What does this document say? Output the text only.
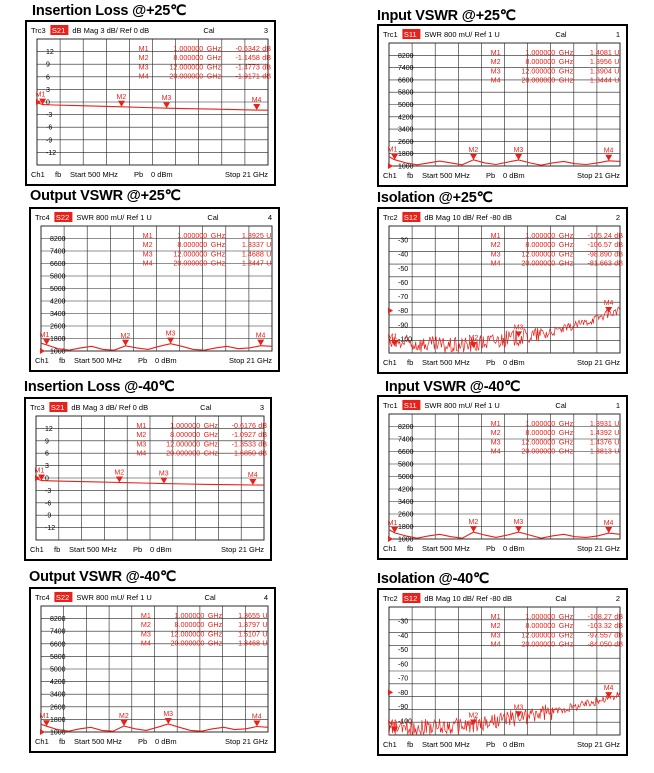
Insertion Loss @+25℃	Input VSWR @+25℃
Output VSWR @+25℃	Isolation @+25℃
Insertion Loss @-40℃	Input VSWR @-40℃
Output VSWR @-40℃	Isolation @-40℃
Trc3 S21 dB Mag 3 dB/ Ref 0 dB	Cal	3
12
9
6
3
0
-3
-6
-9
-12
Ch1 fb Start 500 MHz Pb 0 dBm	Stop 21 GHz
M1	1.000000 GHz -0.6342 dB
M2	8.000000 GHz -1.1458 dB
M3	12.000000 GHz -1.4773 dB
M4	20.000000 GHz -1.9171 dB
M1	M2	M3	M4
Trc1 S11 SWR 800 mU/ Ref 1 U	Cal	1
8200
7400
6600
5800
5000
4200
3400
2600
1800
1000
Ch1 fb Start 500 MHz Pb 0 dBm	Stop 21 GHz
M1	1.000000 GHz 1.4081 U
M2	8.000000 GHz 1.3956 U
M3	12.000000 GHz 1.3904 U
M4	20.000000 GHz 1.3444 U
M1	M2	M3	M4
Trc4 S22 SWR 800 mU/ Ref 1 U	Cal	4
8200
7400
6600
5800
5000
4200
3400
2600
1800
1000
Ch1 fb Start 500 MHz Pb 0 dBm	Stop 21 GHz
M1	1.000000 GHz 1.3925 U
M2	8.000000 GHz 1.3337 U
M3	12.000000 GHz 1.4688 U
M4	20.000000 GHz 1.3447 U
M1	M2	M3	M4
Trc2 S12 dB Mag 10 dB/ Ref -80 dB	Cal	2
-30
-40
-50
-60
-70
-80
-90
-100
Ch1 fb Start 500 MHz Pb 0 dBm	Stop 21 GHz
M1	1.000000 GHz -105.24 dB
M2	8.000000 GHz -106.57 dB
M3	12.000000 GHz -98.890 dB
M4	20.000000 GHz -81.663 dB
M1	M2
M3
M4
Trc3 S21 dB Mag 3 dB/ Ref 0 dB	Cal	3
12
9
6
3
0
-3
-6
-9
-12
Ch1 fb Start 500 MHz Pb 0 dBm	Stop 21 GHz
M1	1.000000 GHz -0.6176 dB
M2	8.000000 GHz -1.0927 dB
M3	12.000000 GHz -1.3533 dB
M4	20.000000 GHz -1.6850 dB
M1	M2	M3	M4
Trc1 S11 SWR 800 mU/ Ref 1 U	Cal	1
8200
7400
6600
5800
5000
4200
3400
2600
1800
1000
Ch1 fb Start 500 MHz Pb 0 dBm	Stop 21 GHz
M1	1.000000 GHz 1.3931 U
M2	8.000000 GHz 1.4392 U
M3	12.000000 GHz 1.4376 U
M4	20.000000 GHz 1.3813 U
M1	M2	M3	M4
Trc4 S22 SWR 800 mU/ Ref 1 U	Cal	4
8200
7400
6600
5800
5000
4200
3400
2600
1800
1000
Ch1 fb Start 500 MHz Pb 0 dBm	Stop 21 GHz
M1	1.000000 GHz 1.3655 U
M2	8.000000 GHz 1.3797 U
M3	12.000000 GHz 1.5107 U
M4	20.000000 GHz 1.3468 U
M1	M2	M3	M4
Trc2 S12 dB Mag 10 dB/ Ref -80 dB	Cal	2
-30
-40
-50
-60
-70
-80
-90
-100
Ch1 fb Start 500 MHz Pb 0 dBm	Stop 21 GHz
M1	1.000000 GHz -108.27 dB
M2	8.000000 GHz -103.32 dB
M3	12.000000 GHz -97.557 dB
M4	20.000000 GHz -84.050 dB
M1
M2
M3
M4
